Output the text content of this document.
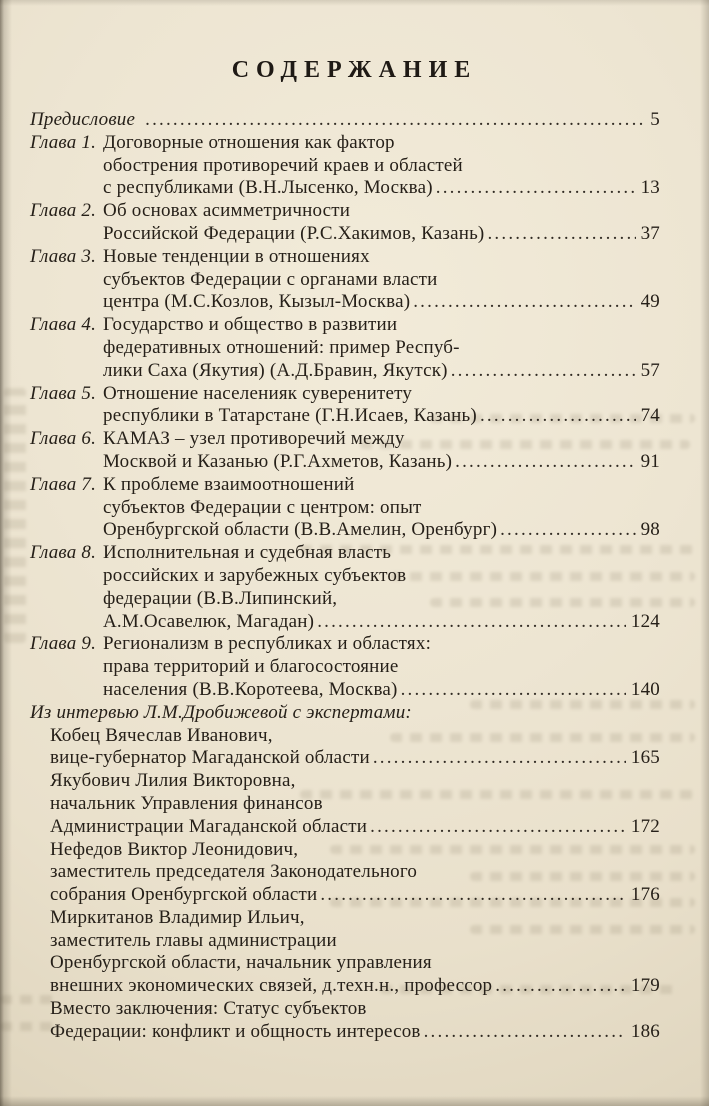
СОДЕРЖАНИЕ
Предисловие .....	5
Глава 1. Договорные отношения как фактор
обострения противоречий краев и областей
с республиками (В.Н.Лысенко, Москва) .....	13
Глава 2. Об основах асимметричности
Российской Федерации (Р.С.Хакимов, Казань) .....	37
Глава 3. Новые тенденции в отношениях
субъектов Федерации с органами власти
центра (М.С.Козлов, Кызыл-Москва) .....	49
Глава 4. Государство и общество в развитии
федеративных отношений: пример Респуб-
лики Саха (Якутия) (А.Д.Бравин, Якутск) .....	57
Глава 5. Отношение населенияк суверенитету
республики в Татарстане (Г.Н.Исаев, Казань) .....	74
Глава 6. КАМАЗ – узел противоречий между
Москвой и Казанью (Р.Г.Ахметов, Казань) .....	91
Глава 7. К проблеме взаимоотношений
субъектов Федерации с центром: опыт
Оренбургской области (В.В.Амелин, Оренбург) .....	98
Глава 8. Исполнительная и судебная власть
российских и зарубежных субъектов
федерации (В.В.Липинский,
А.М.Осавелюк, Магадан) .....	124
Глава 9. Регионализм в республиках и областях:
права территорий и благосостояние
населения (В.В.Коротеева, Москва) .....	140
Из интервью Л.М.Дробижевой с экспертами:
Кобец Вячеслав Иванович,
вице-губернатор Магаданской области .....	165
Якубович Лилия Викторовна,
начальник Управления финансов
Администрации Магаданской области .....	172
Нефедов Виктор Леонидович,
заместитель председателя Законодательного
собрания Оренбургской области .....	176
Миркитанов Владимир Ильич,
заместитель главы администрации
Оренбургской области, начальник управления
внешних экономических связей, д.техн.н., профессор .....	179
Вместо заключения: Статус субъектов
Федерации: конфликт и общность интересов .....	186
